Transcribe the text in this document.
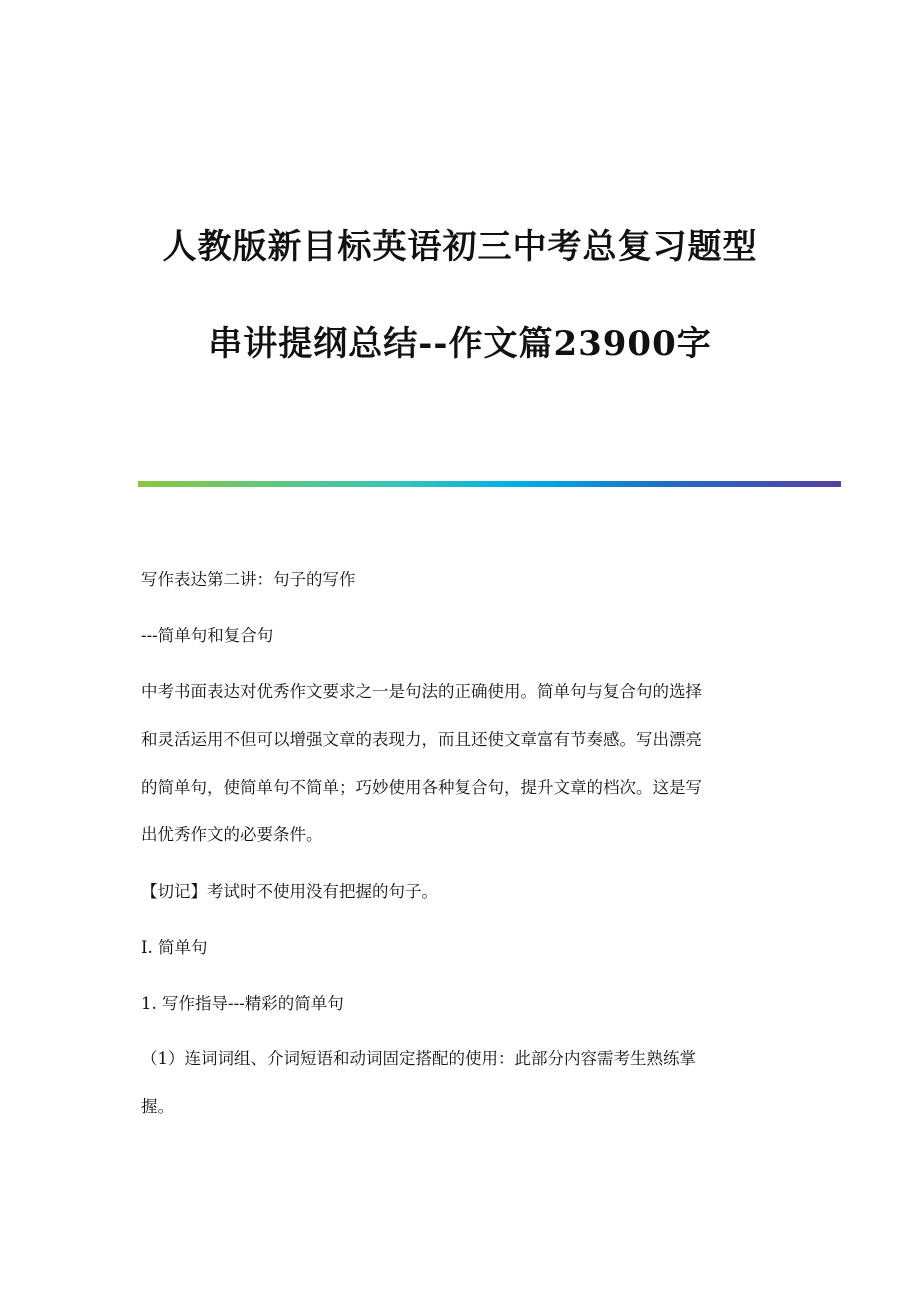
人教版新目标英语初三中考总复习题型
串讲提纲总结--作文篇23900字
写作表达第二讲：句子的写作
---简单句和复合句
中考书面表达对优秀作文要求之一是句法的正确使用。简单句与复合句的选择
和灵活运用不但可以增强文章的表现力，而且还使文章富有节奏感。写出漂亮
的简单句，使简单句不简单；巧妙使用各种复合句，提升文章的档次。这是写
出优秀作文的必要条件。
【切记】考试时不使用没有把握的句子。
Ⅰ. 简单句
1. 写作指导---精彩的简单句
（1）连词词组、介词短语和动词固定搭配的使用：此部分内容需考生熟练掌
握。
